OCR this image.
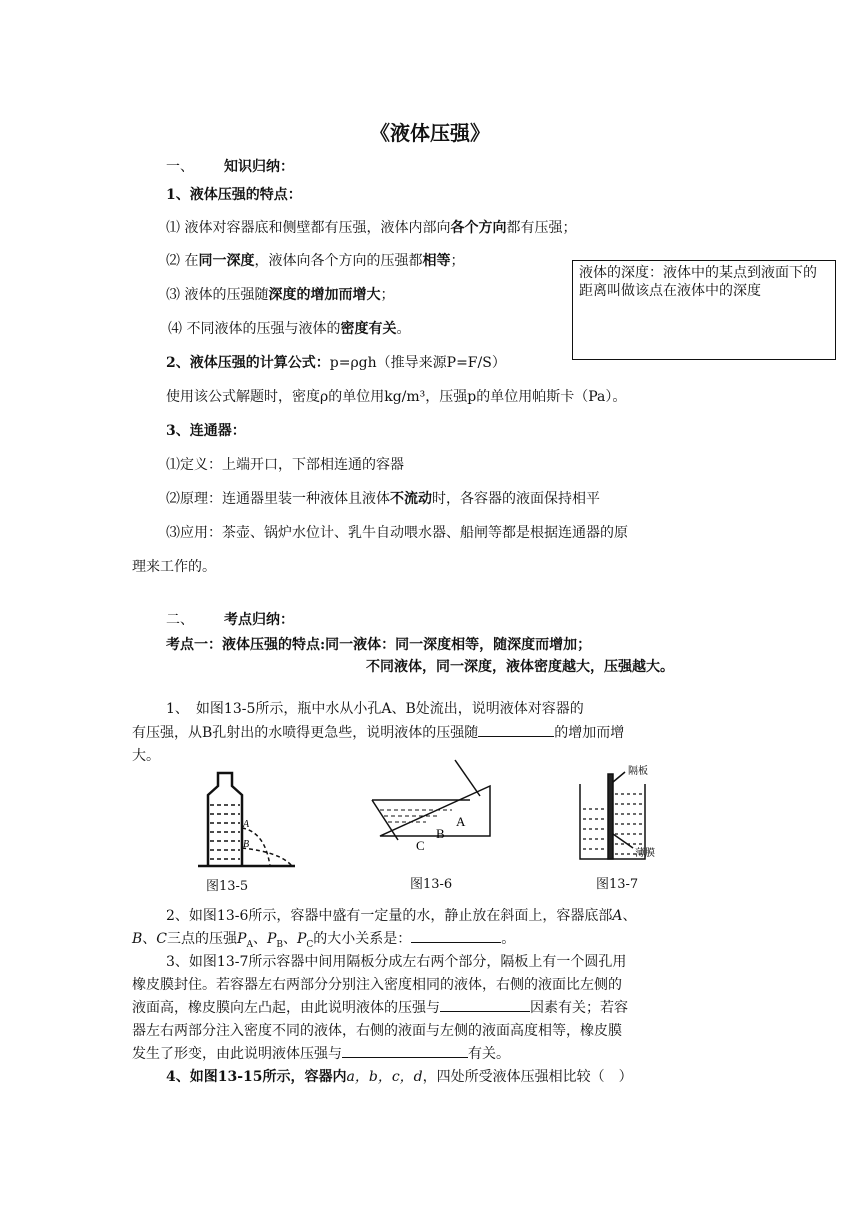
《液体压强》
一、 知识归纳：
1、液体压强的特点：
⑴ 液体对容器底和侧壁都有压强，液体内部向各个方向都有压强；
⑵ 在同一深度，液体向各个方向的压强都相等；
⑶ 液体的压强随深度的增加而增大；
⑷ 不同液体的压强与液体的密度有关。
液体的深度：液体中的某点到液面下的距离叫做该点在液体中的深度
2、液体压强的计算公式：p=ρgh（推导来源P=F/S）
使用该公式解题时，密度ρ的单位用kg/m³，压强p的单位用帕斯卡（Pa）。
3、连通器：
⑴定义：上端开口，下部相连通的容器
⑵原理：连通器里装一种液体且液体不流动时，各容器的液面保持相平
⑶应用：茶壶、锅炉水位计、乳牛自动喂水器、船闸等都是根据连通器的原
理来工作的。
二、 考点归纳：
考点一：液体压强的特点:同一液体：同一深度相等，随深度而增加；
不同液体，同一深度，液体密度越大，压强越大。
1、　如图13-5所示，瓶中水从小孔A、B处流出，说明液体对容器的
有压强，从B孔射出的水喷得更急些，说明液体的压强随	的增加而增
大。
A
B
A
B
C
隔板
薄膜
图13-5	图13-6	图13-7
2、如图13-6所示，容器中盛有一定量的水，静止放在斜面上，容器底部A、
B、C三点的压强$P_A$、$P_B$、$P_C$的大小关系是：	。
3、如图13-7所示容器中间用隔板分成左右两个部分，隔板上有一个圆孔用
橡皮膜封住。若容器左右两部分分别注入密度相同的液体，右侧的液面比左侧的
液面高，橡皮膜向左凸起，由此说明液体的压强与	因素有关；若容
器左右两部分注入密度不同的液体，右侧的液面与左侧的液面高度相等，橡皮膜
发生了形变，由此说明液体压强与	有关。
4、如图13-15所示，容器内a，b，c，d，四处所受液体压强相比较（　）
